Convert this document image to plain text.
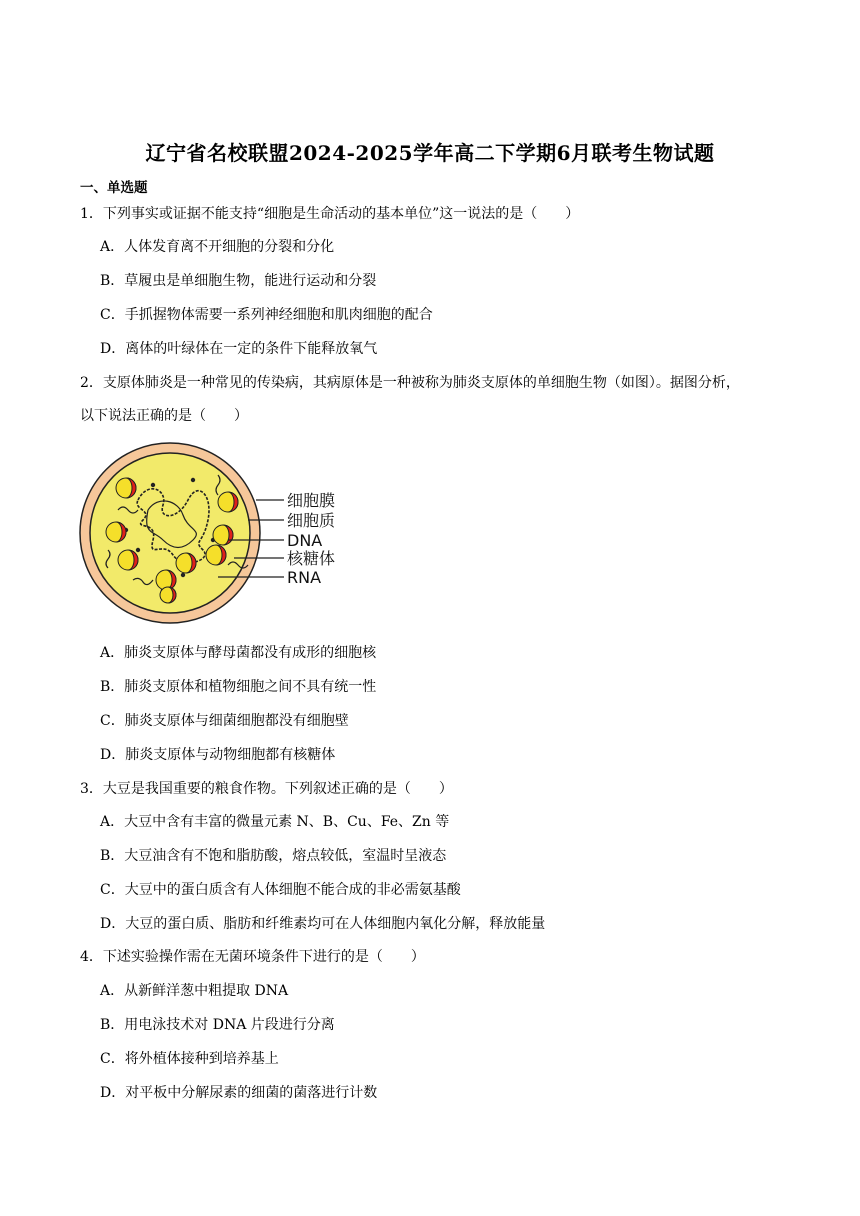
辽宁省名校联盟2024-2025学年高二下学期6月联考生物试题
一、单选题
1．下列事实或证据不能支持“细胞是生命活动的基本单位”这一说法的是（　　）
A．人体发育离不开细胞的分裂和分化
B．草履虫是单细胞生物，能进行运动和分裂
C．手抓握物体需要一系列神经细胞和肌肉细胞的配合
D．离体的叶绿体在一定的条件下能释放氧气
2．支原体肺炎是一种常见的传染病，其病原体是一种被称为肺炎支原体的单细胞生物（如图）。据图分析，
以下说法正确的是（　　）
细胞膜
细胞质
DNA
核糖体
RNA
A．肺炎支原体与酵母菌都没有成形的细胞核
B．肺炎支原体和植物细胞之间不具有统一性
C．肺炎支原体与细菌细胞都没有细胞壁
D．肺炎支原体与动物细胞都有核糖体
3．大豆是我国重要的粮食作物。下列叙述正确的是（　　）
A．大豆中含有丰富的微量元素 N、B、Cu、Fe、Zn 等
B．大豆油含有不饱和脂肪酸，熔点较低，室温时呈液态
C．大豆中的蛋白质含有人体细胞不能合成的非必需氨基酸
D．大豆的蛋白质、脂肪和纤维素均可在人体细胞内氧化分解，释放能量
4．下述实验操作需在无菌环境条件下进行的是（　　）
A．从新鲜洋葱中粗提取 DNA
B．用电泳技术对 DNA 片段进行分离
C．将外植体接种到培养基上
D．对平板中分解尿素的细菌的菌落进行计数
